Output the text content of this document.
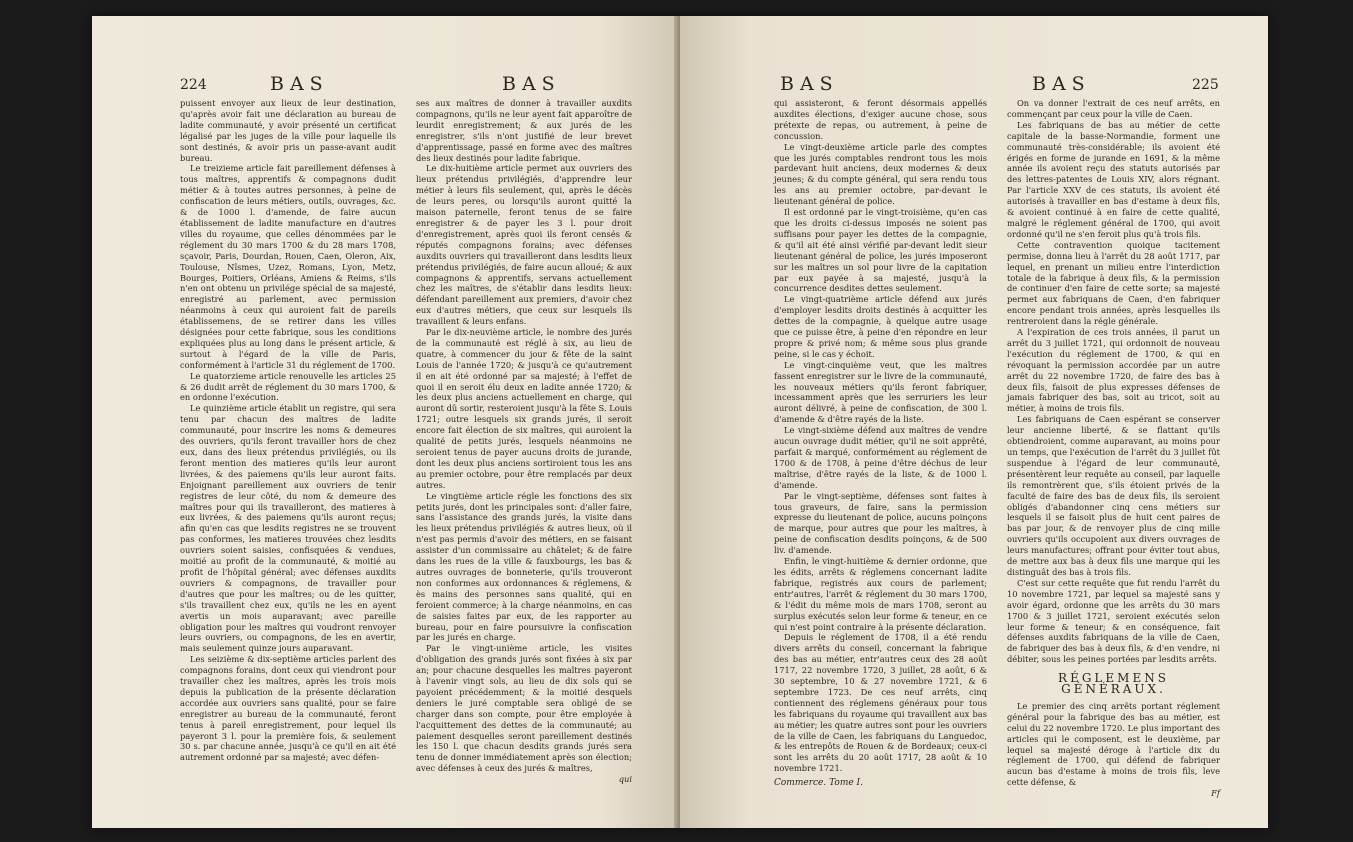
224	BAS	BAS

puissent envoyer aux lieux de leur destination, qu'après avoir fait une déclaration au bureau de ladite communauté, y avoir présenté un certificat légalisé par les juges de la ville pour laquelle ils sont destinés, & avoir pris un passe-avant audit bureau.

Le treizieme article fait pareillement défenses à tous maîtres, apprentifs & compagnons dudit métier & à toutes autres personnes, à peine de confiscation de leurs métiers, outils, ouvrages, &c. & de 1000 l. d'amende, de faire aucun établissement de ladite manufacture en d'autres villes du royaume, que celles dénommées par le réglement du 30 mars 1700 & du 28 mars 1708, sçavoir, Paris, Dourdan, Rouen, Caen, Oleron, Aix, Toulouse, Nîsmes, Uzez, Romans, Lyon, Metz, Bourges, Poitiers, Orléans, Amiens & Reims, s'ils n'en ont obtenu un privilége spécial de sa majesté, enregistré au parlement, avec permission néanmoins à ceux qui auroient fait de pareils établissemens, de se retirer dans les villes désignées pour cette fabrique, sous les conditions expliquées plus au long dans le présent article, & surtout à l'égard de la ville de Paris, conformément à l'article 31 du réglement de 1700.

Le quatorzieme article renouvelle les articles 25 & 26 dudit arrêt de réglement du 30 mars 1700, & en ordonne l'exécution.

Le quinzième article établit un registre, qui sera tenu par chacun des maîtres de ladite communauté, pour inscrire les noms & demeures des ouvriers, qu'ils feront travailler hors de chez eux, dans des lieux prétendus privilégiés, ou ils feront mention des matieres qu'ils leur auront livrées, & des paiemens qu'ils leur auront faits. Enjoignant pareillement aux ouvriers de tenir registres de leur côté, du nom & demeure des maîtres pour qui ils travailleront, des matieres à eux livrées, & des paiemens qu'ils auront reçus; afin qu'en cas que lesdits registres ne se trouvent pas conformes, les matieres trouvées chez lesdits ouvriers soient saisies, confisquées & vendues, moitié au profit de la communauté, & moitié au profit de l'hôpital général; avec défenses auxdits ouvriers & compagnons, de travailler pour d'autres que pour les maîtres; ou de les quitter, s'ils travaillent chez eux, qu'ils ne les en ayent avertis un mois auparavant; avec pareille obligation pour les maîtres qui voudront renvoyer leurs ouvriers, ou compagnons, de les en avertir, mais seulement quinze jours auparavant.

Les seizième & dix-septième articles parlent des compagnons forains, dont ceux qui viendront pour travailler chez les maîtres, après les trois mois depuis la publication de la présente déclaration accordée aux ouvriers sans qualité, pour se faire enregistrer au bureau de la communauté, feront tenus à pareil enregistrement, pour lequel ils payeront 3 l. pour la première fois, & seulement 30 s. par chacune année, jusqu'à ce qu'il en ait été autrement ordonné par sa majesté; avec défen-

ses aux maîtres de donner à travailler auxdits compagnons, qu'ils ne leur ayent fait apparoître de leurdit enregistrement; & aux jurés de les enregistrer, s'ils n'ont justifié de leur brevet d'apprentissage, passé en forme avec des maîtres des lieux destinés pour ladite fabrique.

Le dix-huitième article permet aux ouvriers des lieux prétendus privilégiés, d'apprendre leur métier à leurs fils seulement, qui, après le décès de leurs peres, ou lorsqu'ils auront quitté la maison paternelle, feront tenus de se faire enregistrer & de payer les 3 l. pour droit d'enregistrement, après quoi ils feront censés & réputés compagnons forains; avec défenses auxdits ouvriers qui travailleront dans lesdits lieux prétendus privilégiés, de faire aucun alloué; & aux compagnons & apprentifs, servans actuellement chez les maîtres, de s'établir dans lesdits lieux: défendant pareillement aux premiers, d'avoir chez eux d'autres métiers, que ceux sur lesquels ils travaillent & leurs enfans.

Par le dix-neuvième article, le nombre des jurés de la communauté est réglé à six, au lieu de quatre, à commencer du jour & fête de la saint Louis de l'année 1720; & jusqu'à ce qu'autrement il en ait été ordonné par sa majesté; à l'effet de quoi il en seroit élu deux en ladite année 1720; & les deux plus anciens actuellement en charge, qui auront dû sortir, resteroient jusqu'à la fête S. Louis 1721; outre lesquels six grands jurés, il seroit encore fait élection de six maîtres, qui auroient la qualité de petits jurés, lesquels néanmoins ne seroient tenus de payer aucuns droits de jurande, dont les deux plus anciens sortiroient tous les ans au premier octobre, pour être remplacés par deux autres.

Le vingtième article régle les fonctions des six petits jurés, dont les principales sont: d'aller faire, sans l'assistance des grands jurés, la visite dans les lieux prétendus privilégiés & autres lieux, où il n'est pas permis d'avoir des métiers, en se faisant assister d'un commissaire au châtelet; & de faire dans les rues de la ville & fauxbourgs, les bas & autres ouvrages de bonneterie, qu'ils trouveront non conformes aux ordonnances & réglemens, & ès mains des personnes sans qualité, qui en feroient commerce; à la charge néanmoins, en cas de saisies faites par eux, de les rapporter au bureau, pour en faire poursuivre la confiscation par les jurés en charge.

Par le vingt-unième article, les visites d'obligation des grands jurés sont fixées à six par an; pour chacune desquelles les maîtres payeront à l'avenir vingt sols, au lieu de dix sols qui se payoient précédemment; & la moitié desquels deniers le juré comptable sera obligé de se charger dans son compte, pour être employée à l'acquittement des dettes de la communauté; au paiement desquelles seront pareillement destinés les 150 l. que chacun desdits grands jurés sera tenu de donner immédiatement après son élection; avec défenses à ceux des jurés & maîtres,

qui
BAS	BAS	225

qui assisteront, & feront désormais appellés auxdites élections, d'exiger aucune chose, sous prétexte de repas, ou autrement, à peine de concussion.

Le vingt-deuxième article parle des comptes que les jurés comptables rendront tous les mois pardevant huit anciens, deux modernes & deux jeunes; & du compte général, qui sera rendu tous les ans au premier octobre, par-devant le lieutenant général de police.

Il est ordonné par le vingt-troisième, qu'en cas que les droits ci-dessus imposés ne soient pas suffisans pour payer les dettes de la compagnie, & qu'il ait été ainsi vérifié par-devant ledit sieur lieutenant général de police, les jurés imposeront sur les maîtres un sol pour livre de la capitation par eux payée à sa majesté, jusqu'à la concurrence desdites dettes seulement.

Le vingt-quatrième article défend aux jurés d'employer lesdits droits destinés à acquitter les dettes de la compagnie, à quelque autre usage que ce puisse être, à peine d'en répondre en leur propre & privé nom; & même sous plus grande peine, si le cas y échoit.

Le vingt-cinquième veut, que les maîtres fassent enregistrer sur le livre de la communauté, les nouveaux métiers qu'ils feront fabriquer, incessamment après que les serruriers les leur auront délivré, à peine de confiscation, de 300 l. d'amende & d'être rayés de la liste.

Le vingt-sixième défend aux maîtres de vendre aucun ouvrage dudit métier, qu'il ne soit apprêté, parfait & marqué, conformément au réglement de 1700 & de 1708, à peine d'être déchus de leur maîtrise, d'être rayés de la liste, & de 1000 l. d'amende.

Par le vingt-septième, défenses sont faites à tous graveurs, de faire, sans la permission expresse du lieutenant de police, aucuns poinçons de marque, pour autres que pour les maîtres, à peine de confiscation desdits poinçons, & de 500 liv. d'amende.

Enfin, le vingt-huitième & dernier ordonne, que les édits, arrêts & réglemens concernant ladite fabrique, registrés aux cours de parlement; entr'autres, l'arrêt & réglement du 30 mars 1700, & l'édit du même mois de mars 1708, seront au surplus exécutés selon leur forme & teneur, en ce qui n'est point contraire à la présente déclaration.

Depuis le réglement de 1708, il a été rendu divers arrêts du conseil, concernant la fabrique des bas au métier, entr'autres ceux des 28 août 1717, 22 novembre 1720, 3 juillet, 28 août, 6 & 30 septembre, 10 & 27 novembre 1721, & 6 septembre 1723. De ces neuf arrêts, cinq contiennent des réglemens généraux pour tous les fabriquans du royaume qui travaillent aux bas au métier; les quatre autres sont pour les ouvriers de la ville de Caen, les fabriquans du Languedoc, & les entrepôts de Rouen & de Bordeaux; ceux-ci sont les arrêts du 20 août 1717, 28 août & 10 novembre 1721.

Commerce. Tome I.

On va donner l'extrait de ces neuf arrêts, en commençant par ceux pour la ville de Caen.

Les fabriquans de bas au métier de cette capitale de la basse-Normandie, forment une communauté très-considérable; ils avoient été érigés en forme de jurande en 1691, & la même année ils avoient reçu des statuts autorisés par des lettres-patentes de Louis XIV, alors régnant. Par l'article XXV de ces statuts, ils avoient été autorisés à travailler en bas d'estame à deux fils, & avoient continué à en faire de cette qualité, malgré le réglement général de 1700, qui avoit ordonné qu'il ne s'en feroit plus qu'à trois fils.

Cette contravention quoique tacitement permise, donna lieu à l'arrêt du 28 août 1717, par lequel, en prenant un milieu entre l'interdiction totale de la fabrique à deux fils, & la permission de continuer d'en faire de cette sorte; sa majesté permet aux fabriquans de Caen, d'en fabriquer encore pendant trois années, après lesquelles ils rentreroient dans la régle générale.

A l'expiration de ces trois années, il parut un arrêt du 3 juillet 1721, qui ordonnoit de nouveau l'exécution du réglement de 1700, & qui en révoquant la permission accordée par un autre arrêt du 22 novembre 1720, de faire des bas à deux fils, faisoit de plus expresses défenses de jamais fabriquer des bas, soit au tricot, soit au métier, à moins de trois fils.

Les fabriquans de Caen espérant se conserver leur ancienne liberté, & se flattant qu'ils obtiendroient, comme auparavant, au moins pour un temps, que l'exécution de l'arrêt du 3 juillet fût suspendue à l'égard de leur communauté, présentèrent leur requête au conseil, par laquelle ils remontrèrent que, s'ils étoient privés de la faculté de faire des bas de deux fils, ils seroient obligés d'abandonner cinq cens métiers sur lesquels il se faisoit plus de huit cent paires de bas par jour, & de renvoyer plus de cinq mille ouvriers qu'ils occupoient aux divers ouvrages de leurs manufactures; offrant pour éviter tout abus, de mettre aux bas à deux fils une marque qui les distinguât des bas à trois fils.

C'est sur cette requête que fut rendu l'arrêt du 10 novembre 1721, par lequel sa majesté sans y avoir égard, ordonne que les arrêts du 30 mars 1700 & 3 juillet 1721, seroient exécutés selon leur forme & teneur; & en conséquence, fait défenses auxdits fabriquans de la ville de Caen, de fabriquer des bas à deux fils, & d'en vendre, ni débiter, sous les peines portées par lesdits arrêts.

RÉGLEMENS GÉNÉRAUX.

Le premier des cinq arrêts portant réglement général pour la fabrique des bas au métier, est celui du 22 novembre 1720. Le plus important des articles qui le composent, est le deuxième, par lequel sa majesté déroge à l'article dix du réglement de 1700, qui défend de fabriquer aucun bas d'estame à moins de trois fils, leve cette défense, &

Ff
